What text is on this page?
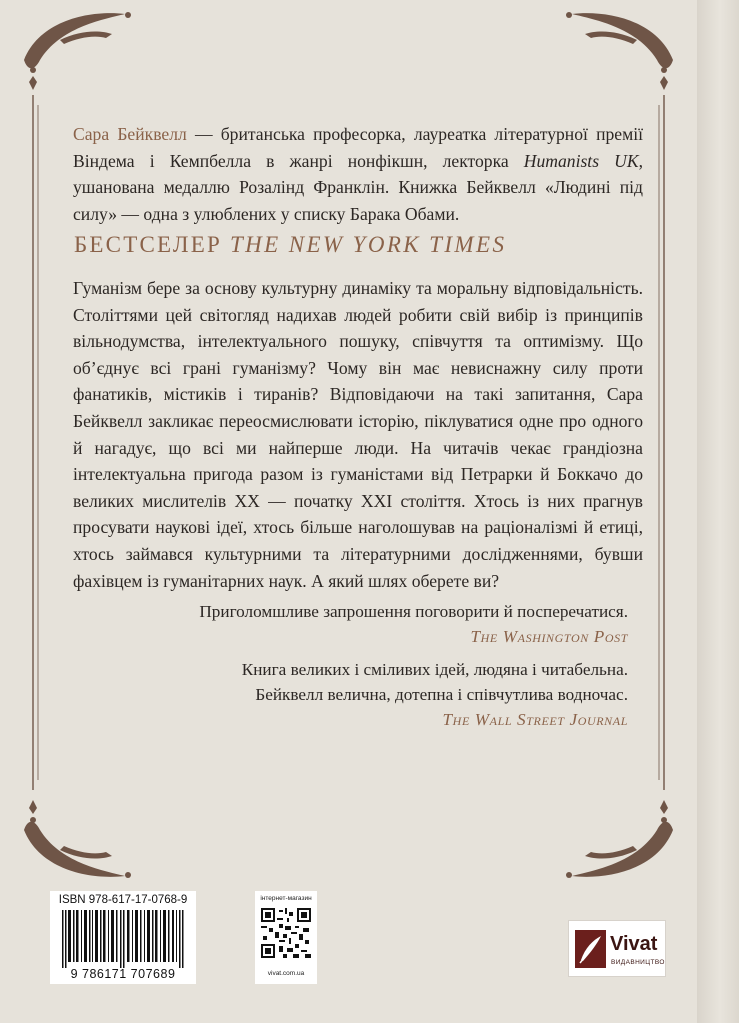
Сара Бейквелл — британська професорка, лауреатка літературної премії Віндема і Кемпбелла в жанрі нонфікшн, лекторка Humanists UK, ушанована медаллю Розалінд Франклін. Книжка Бейквелл «Людині під силу» — одна з улюблених у списку Барака Обами.
БЕСТСЕЛЕР THE NEW YORK TIMES
Гуманізм бере за основу культурну динаміку та моральну відповідальність. Століттями цей світогляд надихав людей робити свій вибір із принципів вільнодумства, інтелектуального пошуку, співчуття та оптимізму. Що об’єднує всі грані гуманізму? Чому він має невиснажну силу проти фанатиків, містиків і тиранів? Відповідаючи на такі запитання, Сара Бейквелл закликає переосмислювати історію, піклуватися одне про одного й нагадує, що всі ми найперше люди. На читачів чекає грандіозна інтелектуальна пригода разом із гуманістами від Петрарки й Боккачо до великих мислителів ХХ — початку ХХІ століття. Хтось із них прагнув просувати наукові ідеї, хтось більше наголошував на раціоналізмі й етиці, хтось займався культурними та літературними дослідженнями, бувши фахівцем із гуманітарних наук. А який шлях оберете ви?
Приголомшливе запрошення поговорити й посперечатися.
The Washington Post
Книга великих і сміливих ідей, людяна і читабельна.
Бейквелл велична, дотепна і співчутлива водночас.
The Wall Street Journal
ISBN 978-617-17-0768-9
9 786171 707689
інтернет-магазин
vivat.com.ua
Vivat
ВИДАВНИЦТВО
